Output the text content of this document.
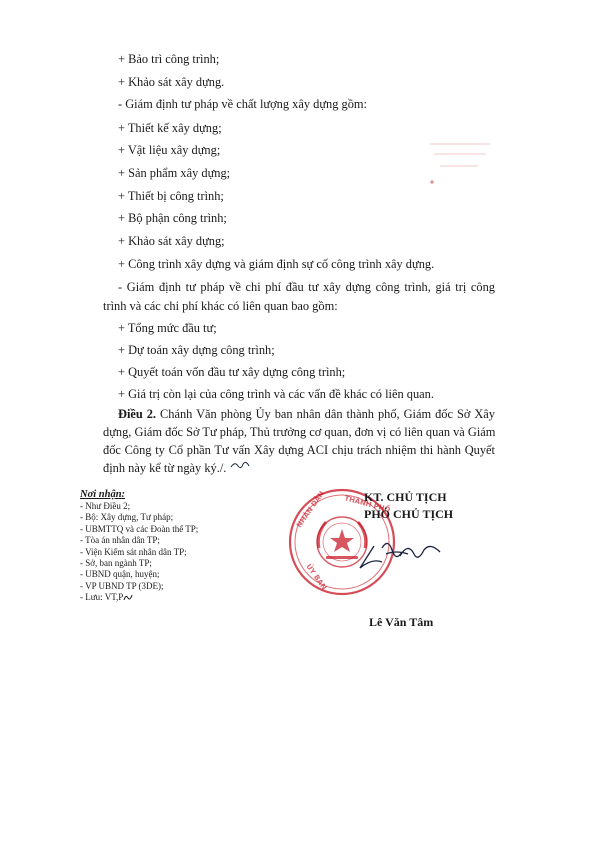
+ Bảo trì công trình;
+ Khảo sát xây dựng.
- Giám định tư pháp về chất lượng xây dựng gồm:
+ Thiết kế xây dựng;
+ Vật liệu xây dựng;
+ Sản phẩm xây dựng;
+ Thiết bị công trình;
+ Bộ phận công trình;
+ Khảo sát xây dựng;
+ Công trình xây dựng và giám định sự cố công trình xây dựng.
- Giám định tư pháp về chi phí đầu tư xây dựng công trình, giá trị công
trình và các chi phí khác có liên quan bao gồm:
+ Tổng mức đầu tư;
+ Dự toán xây dựng công trình;
+ Quyết toán vốn đầu tư xây dựng công trình;
+ Giá trị còn lại của công trình và các vấn đề khác có liên quan.
Điều 2. Chánh Văn phòng Ủy ban nhân dân thành phố, Giám đốc Sở Xây
dựng, Giám đốc Sở Tư pháp, Thủ trưởng cơ quan, đơn vị có liên quan và Giám
đốc Công ty Cổ phần Tư vấn Xây dựng ACI chịu trách nhiệm thi hành Quyết
định này kể từ ngày ký./.
Nơi nhận:
- Như Điều 2;
- Bộ: Xây dựng, Tư pháp;
- UBMTTQ và các Đoàn thể TP;
- Tòa án nhân dân TP;
- Viện Kiểm sát nhân dân TP;
- Sở, ban ngành TP;
- UBND quận, huyện;
- VP UBND TP (3DE);
- Lưu: VT,P
NHÂN DÂN THÀNH PHỐ
ỦY BAN
KT. CHỦ TỊCH
PHÓ CHỦ TỊCH
Lê Văn Tâm
